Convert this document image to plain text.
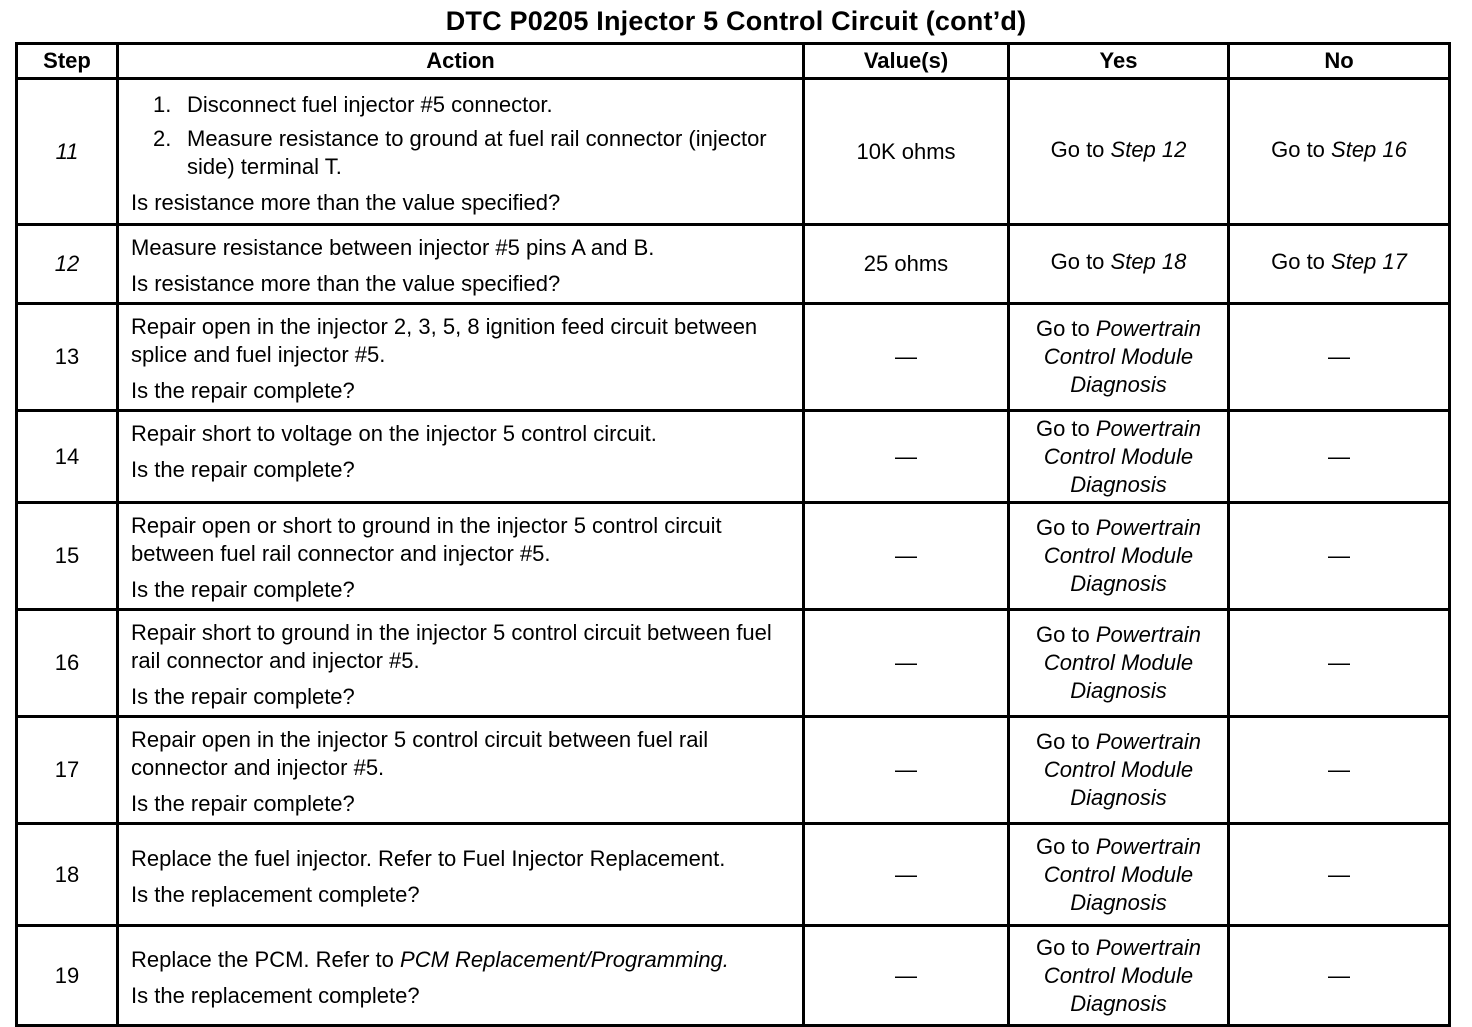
DTC P0205 Injector 5 Control Circuit (cont’d)
Step	Action	Value(s)	Yes	No
11	1. Disconnect fuel injector #5 connector.
2. Measure resistance to ground at fuel rail connector (injector side) terminal T.
Is resistance more than the value specified?	10K ohms	Go to Step 12	Go to Step 16
12	Measure resistance between injector #5 pins A and B.
Is resistance more than the value specified?	25 ohms	Go to Step 18	Go to Step 17
13	Repair open in the injector 2, 3, 5, 8 ignition feed circuit between splice and fuel injector #5.
Is the repair complete?	—	Go to Powertrain Control Module Diagnosis	—
14	Repair short to voltage on the injector 5 control circuit.
Is the repair complete?	—	Go to Powertrain Control Module Diagnosis	—
15	Repair open or short to ground in the injector 5 control circuit between fuel rail connector and injector #5.
Is the repair complete?	—	Go to Powertrain Control Module Diagnosis	—
16	Repair short to ground in the injector 5 control circuit between fuel rail connector and injector #5.
Is the repair complete?	—	Go to Powertrain Control Module Diagnosis	—
17	Repair open in the injector 5 control circuit between fuel rail connector and injector #5.
Is the repair complete?	—	Go to Powertrain Control Module Diagnosis	—
18	Replace the fuel injector. Refer to Fuel Injector Replacement.
Is the replacement complete?	—	Go to Powertrain Control Module Diagnosis	—
19	Replace the PCM. Refer to PCM Replacement/Programming.
Is the replacement complete?	—	Go to Powertrain Control Module Diagnosis	—
